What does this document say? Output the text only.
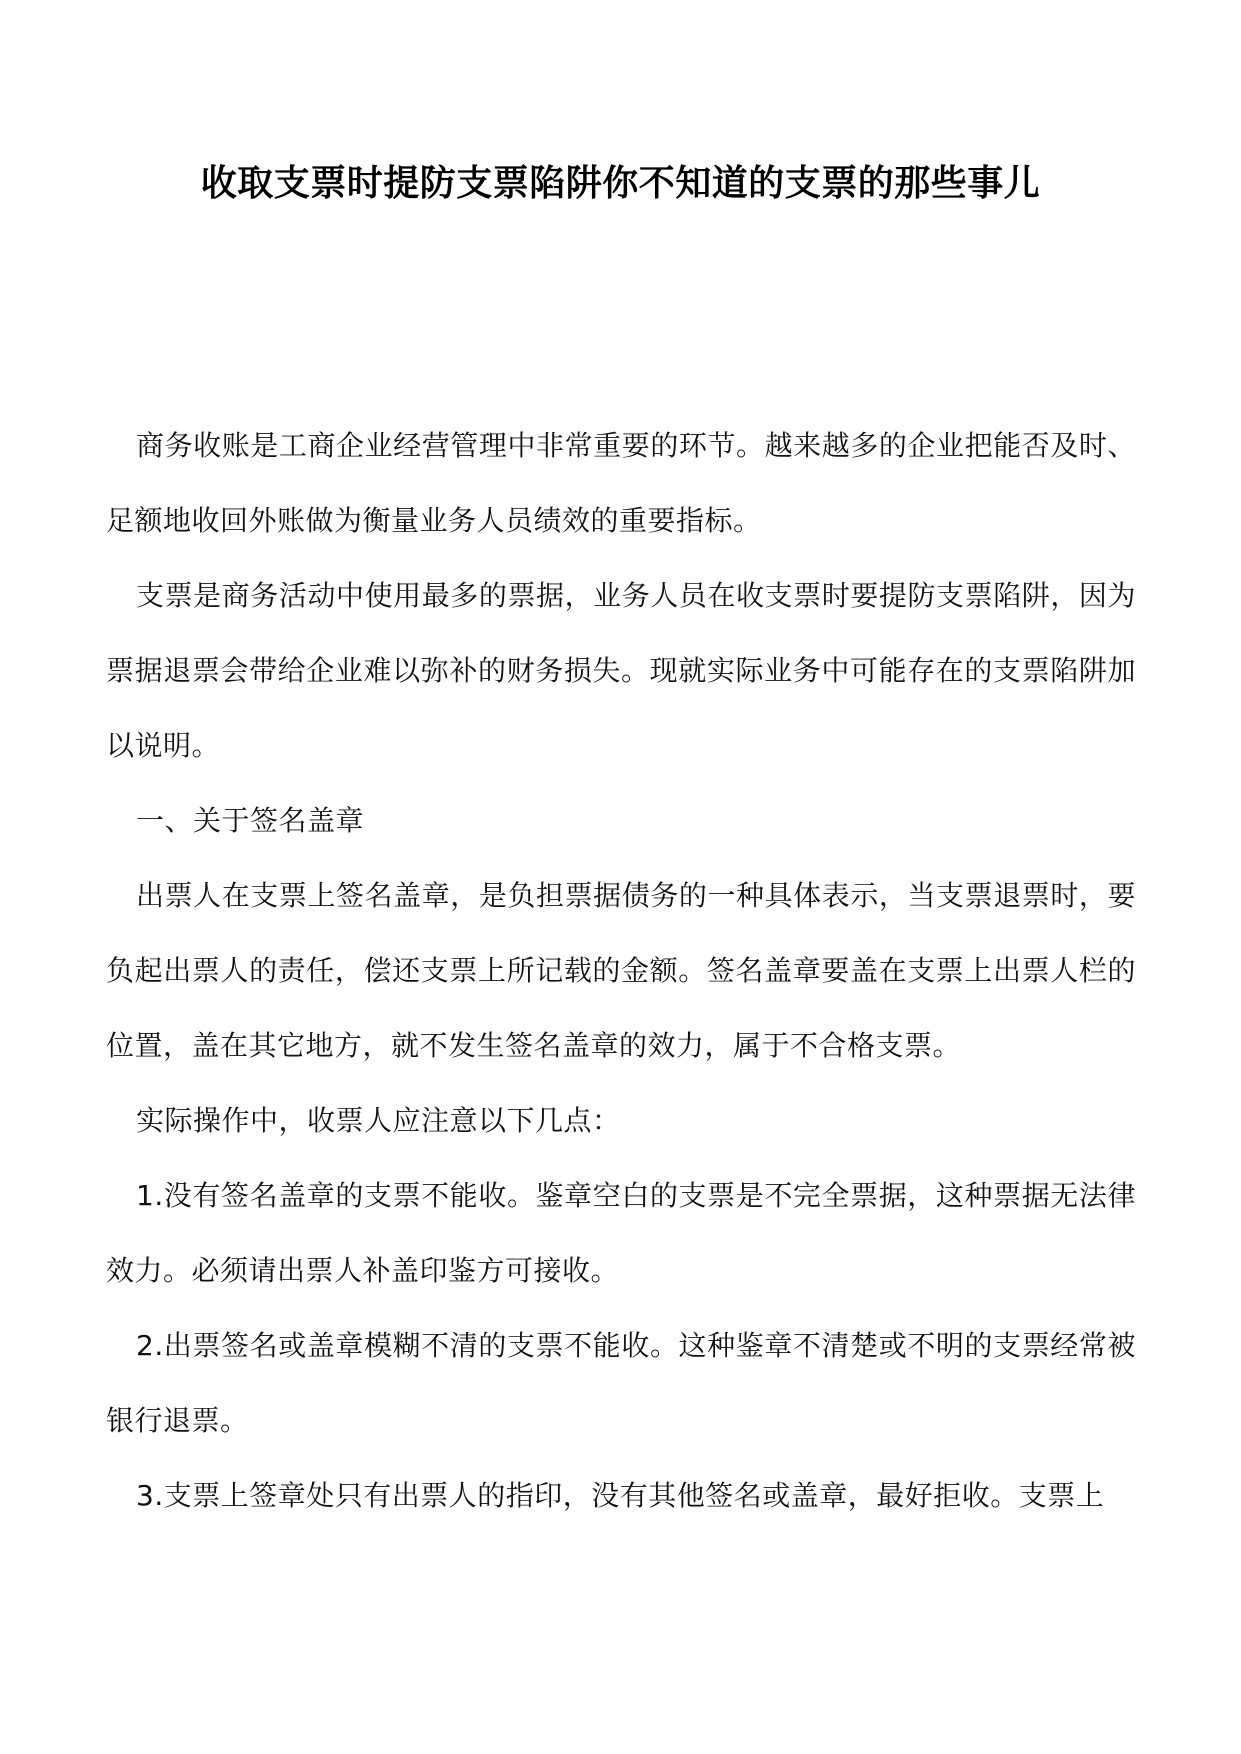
收取支票时提防支票陷阱你不知道的支票的那些事儿

商务收账是工商企业经营管理中非常重要的环节。越来越多的企业把能否及时、足额地收回外账做为衡量业务人员绩效的重要指标。

支票是商务活动中使用最多的票据，业务人员在收支票时要提防支票陷阱，因为票据退票会带给企业难以弥补的财务损失。现就实际业务中可能存在的支票陷阱加以说明。

一、关于签名盖章

出票人在支票上签名盖章，是负担票据债务的一种具体表示，当支票退票时，要负起出票人的责任，偿还支票上所记载的金额。签名盖章要盖在支票上出票人栏的位置，盖在其它地方，就不发生签名盖章的效力，属于不合格支票。

实际操作中，收票人应注意以下几点：

1.没有签名盖章的支票不能收。鉴章空白的支票是不完全票据，这种票据无法律效力。必须请出票人补盖印鉴方可接收。

2.出票签名或盖章模糊不清的支票不能收。这种鉴章不清楚或不明的支票经常被银行退票。

3.支票上签章处只有出票人的指印，没有其他签名或盖章，最好拒收。支票上
